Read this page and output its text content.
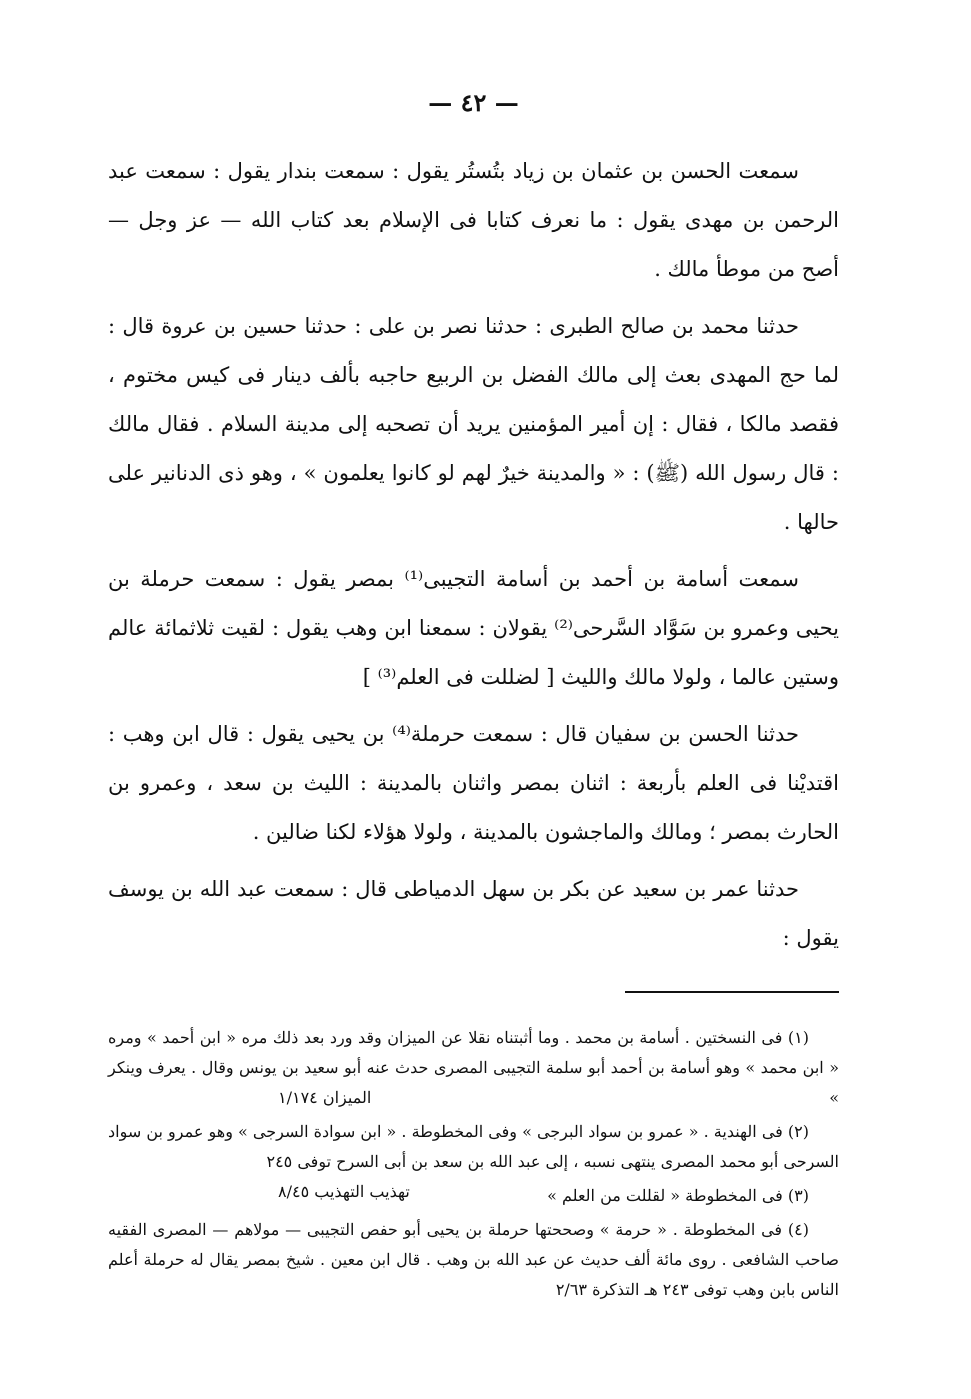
— ٤٢ —

سمعت الحسن بن عثمان بن زياد بتُستُر يقول : سمعت بندار يقول : سمعت عبد الرحمن بن مهدى يقول : ما نعرف كتابا فى الإسلام بعد كتاب الله — عز وجل — أصح من موطأ مالك .

حدثنا محمد بن صالح الطبرى : حدثنا نصر بن على : حدثنا حسين بن عروة قال : لما حج المهدى بعث إلى مالك الفضل بن الربيع حاجبه بألف دينار فى كيس مختوم ، فقصد مالكا ، فقال : إن أمير المؤمنين يريد أن تصحبه إلى مدينة السلام . فقال مالك : قال رسول الله (ﷺ) : « والمدينة خيرٌ لهم لو كانوا يعلمون » ، وهو ذى الدنانير على حالها .

سمعت أسامة بن أحمد بن أسامة التجيبى⁽¹⁾ بمصر يقول : سمعت حرملة بن يحيى وعمرو بن سَوَّاد السَّرحى⁽²⁾ يقولان : سمعنا ابن وهب يقول : لقيت ثلاثمائة عالم وستين عالما ، ولولا مالك والليث [ لضللت فى العلم⁽³⁾ ]

حدثنا الحسن بن سفيان قال : سمعت حرملة⁽⁴⁾ بن يحيى يقول : قال ابن وهب : اقتديْنا فى العلم بأربعة : اثنان بمصر واثنان بالمدينة : الليث بن سعد ، وعمرو بن الحارث بمصر ؛ ومالك والماجشون بالمدينة ، ولولا هؤلاء لكنا ضالين .

حدثنا عمر بن سعيد عن بكر بن سهل الدمياطى قال : سمعت عبد الله بن يوسف يقول :

(١) فى النسختين . أسامة بن محمد . وما أثبتناه نقلا عن الميزان وقد ورد بعد ذلك مره « ابن أحمد » ومره « ابن محمد » وهو أسامة بن أحمد أبو سلمة التجيبى المصرى حدث عنه أبو سعيد بن يونس وقال . يعرف وينكر »
الميزان ١/١٧٤

(٢) فى الهندية . « عمرو بن سواد البرجى » وفى المخطوطة . « ابن سوادة السرجى » وهو عمرو بن سواد السرحى أبو محمد المصرى ينتهى نسبه ، إلى عبد الله بن سعد بن أبى السرح توفى ٢٤٥
تهذيب التهذيب ٨/٤٥	(٣) فى المخطوطة « لقللت من العلم »

(٤) فى المخطوطة . « حرمة » وصححتها حرملة بن يحيى أبو حفص التجيبى — مولاهم — المصرى الفقيه صاحب الشافعى . روى مائة ألف حديث عن عبد الله بن وهب . قال ابن معين . شيخ بمصر يقال له حرملة أعلم الناس بابن وهب توفى ٢٤٣ هـ التذكرة ٢/٦٣
